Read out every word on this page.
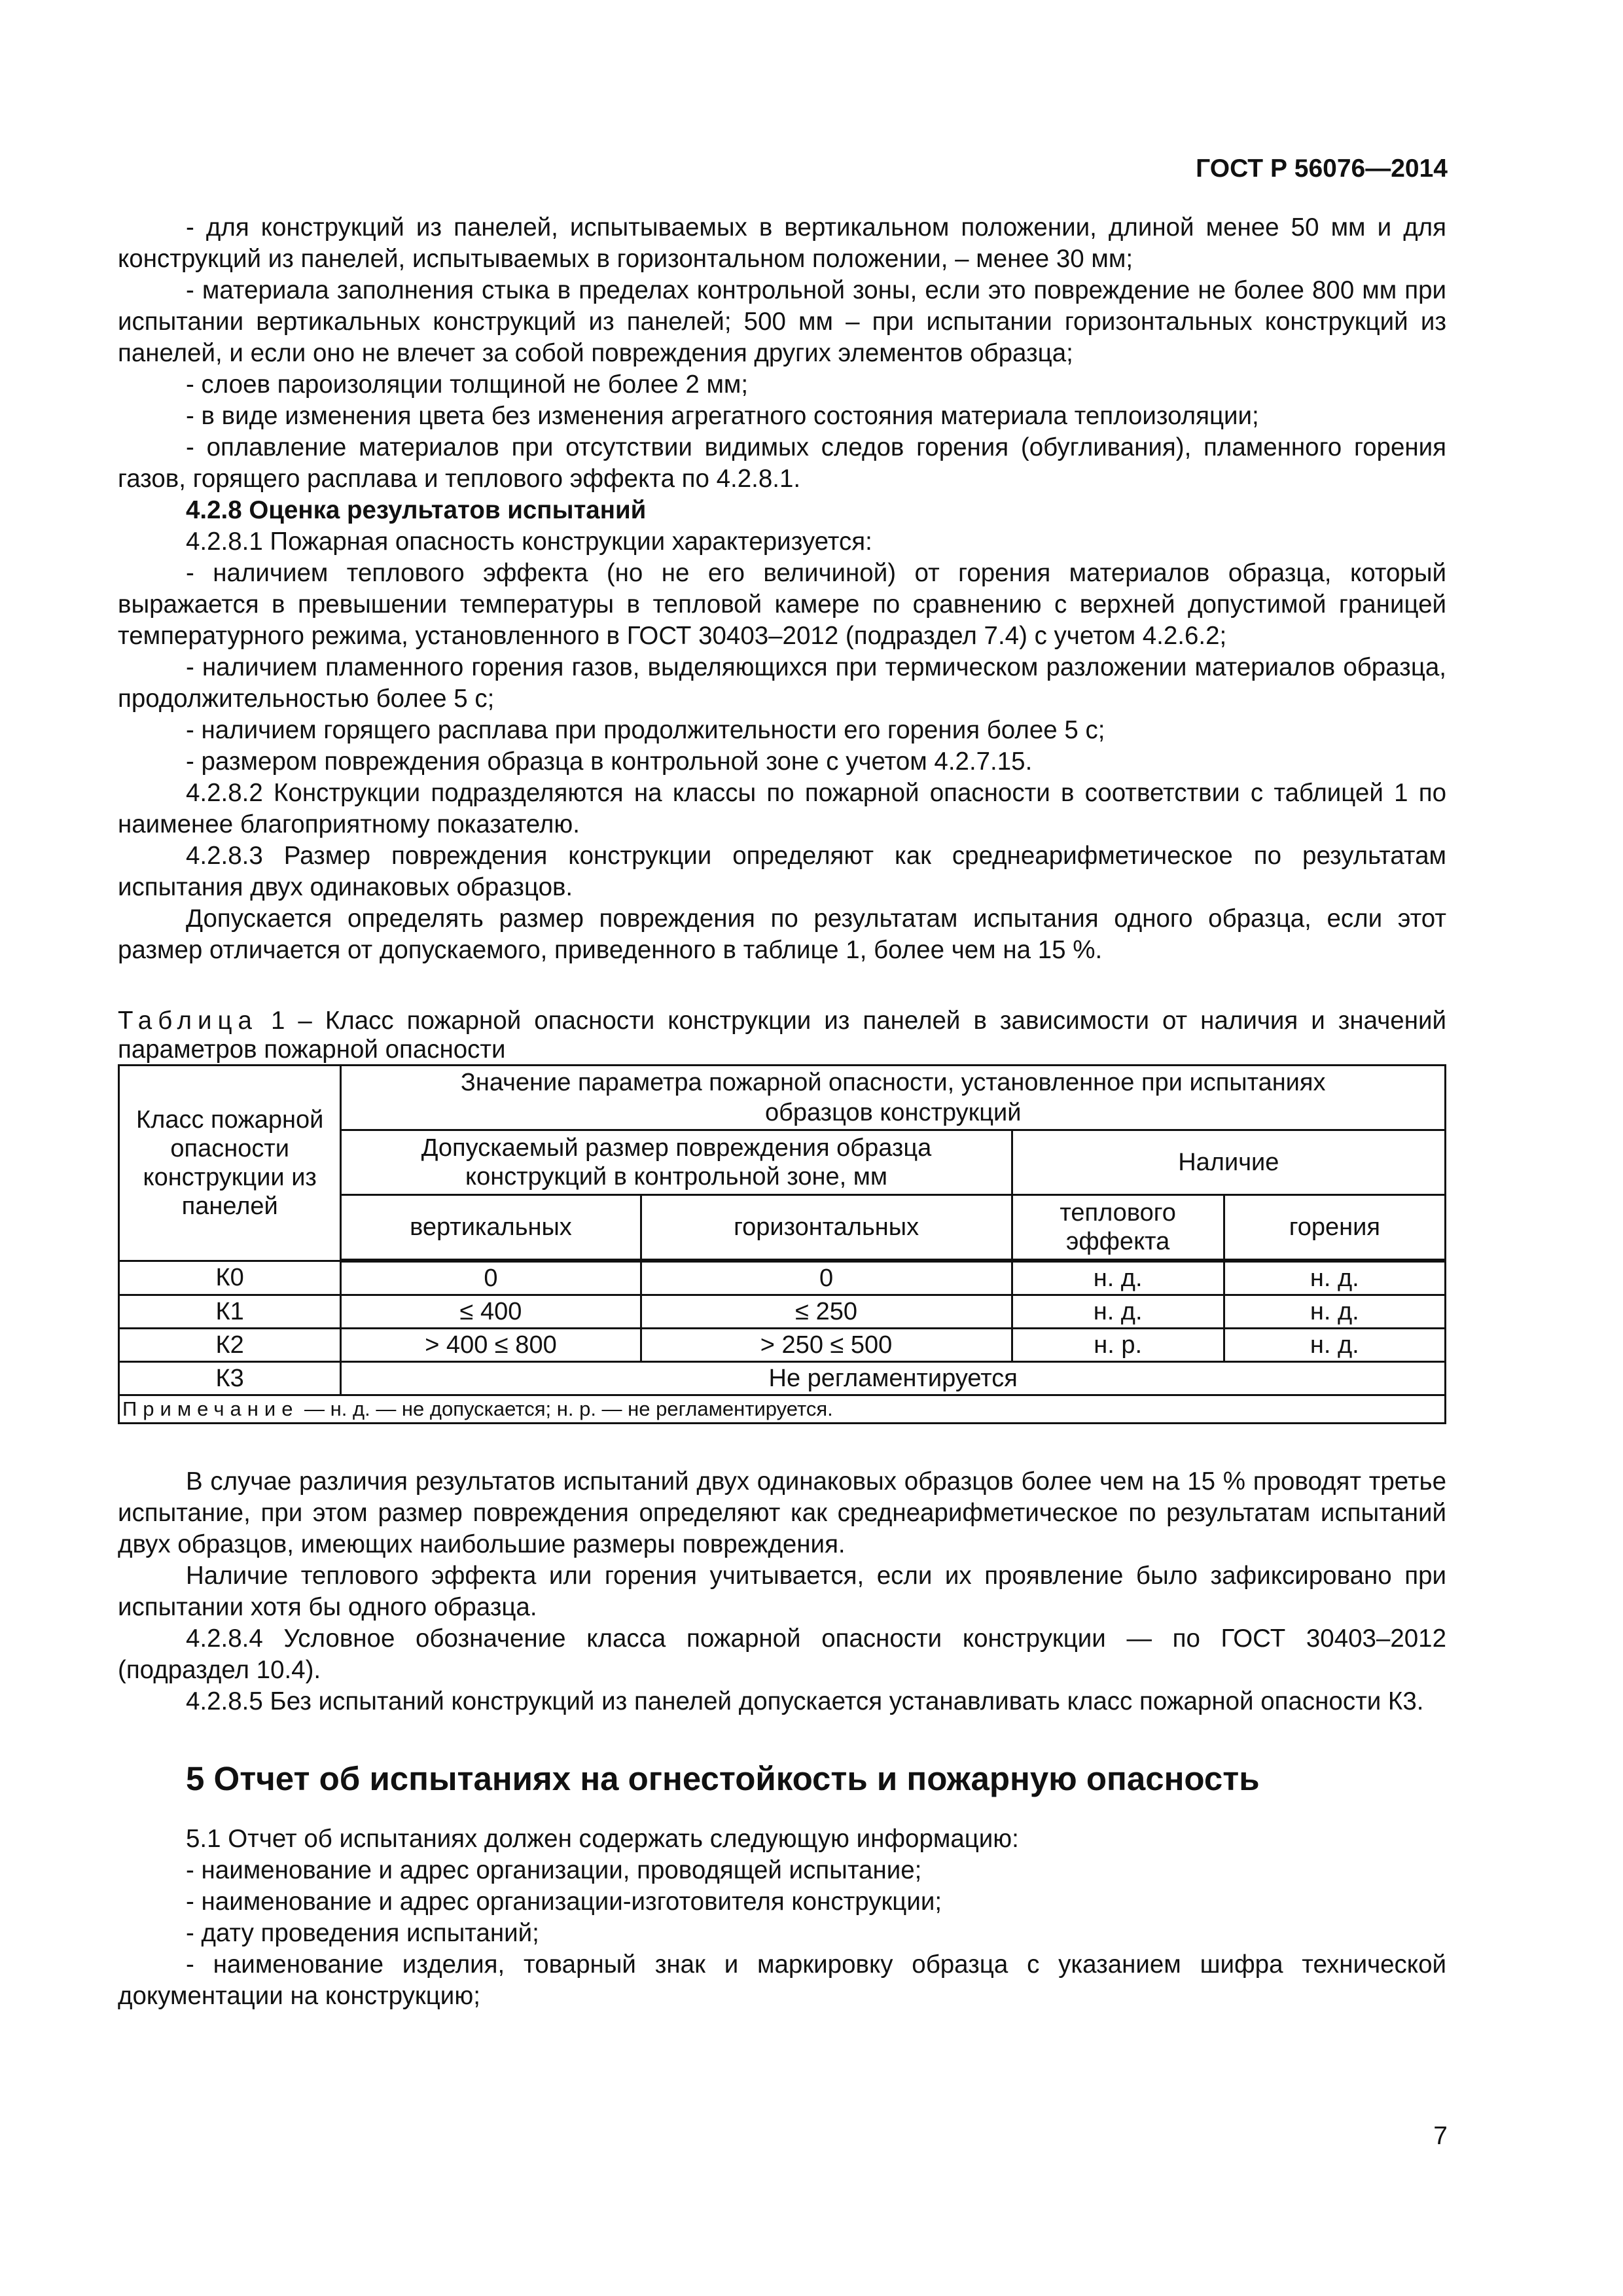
ГОСТ Р 56076—2014

- для конструкций из панелей, испытываемых в вертикальном положении, длиной менее 50 мм и для конструкций из панелей, испытываемых в горизонтальном положении, – менее 30 мм;

- материала заполнения стыка в пределах контрольной зоны, если это повреждение не более 800 мм при испытании вертикальных конструкций из панелей; 500 мм – при испытании горизонтальных конструкций из панелей, и если оно не влечет за собой повреждения других элементов образца;

- слоев пароизоляции толщиной не более 2 мм;

- в виде изменения цвета без изменения агрегатного состояния материала теплоизоляции;

- оплавление материалов при отсутствии видимых следов горения (обугливания), пламенного горения газов, горящего расплава и теплового эффекта по 4.2.8.1.

4.2.8 Оценка результатов испытаний

4.2.8.1 Пожарная опасность конструкции характеризуется:

- наличием теплового эффекта (но не его величиной) от горения материалов образца, который выражается в превышении температуры в тепловой камере по сравнению с верхней допустимой границей температурного режима, установленного в ГОСТ 30403–2012 (подраздел 7.4) с учетом 4.2.6.2;

- наличием пламенного горения газов, выделяющихся при термическом разложении материалов образца, продолжительностью более 5 с;

- наличием горящего расплава при продолжительности его горения более 5 с;

- размером повреждения образца в контрольной зоне с учетом 4.2.7.15.

4.2.8.2 Конструкции подразделяются на классы по пожарной опасности в соответствии с таблицей 1 по наименее благоприятному показателю.

4.2.8.3 Размер повреждения конструкции определяют как среднеарифметическое по результатам испытания двух одинаковых образцов.

Допускается определять размер повреждения по результатам испытания одного образца, если этот размер отличается от допускаемого, приведенного в таблице 1, более чем на 15 %.

Таблица 1 – Класс пожарной опасности конструкции из панелей в зависимости от наличия и значений параметров пожарной опасности

Класс пожарной опасности конструкции из панелей	Значение параметра пожарной опасности, установленное при испытаниях образцов конструкций			
	Допускаемый размер повреждения образца конструкций в контрольной зоне, мм		Наличие	
	вертикальных	горизонтальных	теплового эффекта	горения
К0	0	0	н. д.	н. д.
К1	≤ 400	≤ 250	н. д.	н. д.
К2	> 400 ≤ 800	> 250 ≤ 500	н. р.	н. д.
К3	Не регламентируется			
Примечание — н. д. — не допускается; н. р. — не регламентируется.				

В случае различия результатов испытаний двух одинаковых образцов более чем на 15 % проводят третье испытание, при этом размер повреждения определяют как среднеарифметическое по результатам испытаний двух образцов, имеющих наибольшие размеры повреждения.

Наличие теплового эффекта или горения учитывается, если их проявление было зафиксировано при испытании хотя бы одного образца.

4.2.8.4 Условное обозначение класса пожарной опасности конструкции — по ГОСТ 30403–2012 (подраздел 10.4).

4.2.8.5 Без испытаний конструкций из панелей допускается устанавливать класс пожарной опасности К3.

5 Отчет об испытаниях на огнестойкость и пожарную опасность

5.1 Отчет об испытаниях должен содержать следующую информацию:

- наименование и адрес организации, проводящей испытание;

- наименование и адрес организации-изготовителя конструкции;

- дату проведения испытаний;

- наименование изделия, товарный знак и маркировку образца с указанием шифра технической документации на конструкцию;

7
